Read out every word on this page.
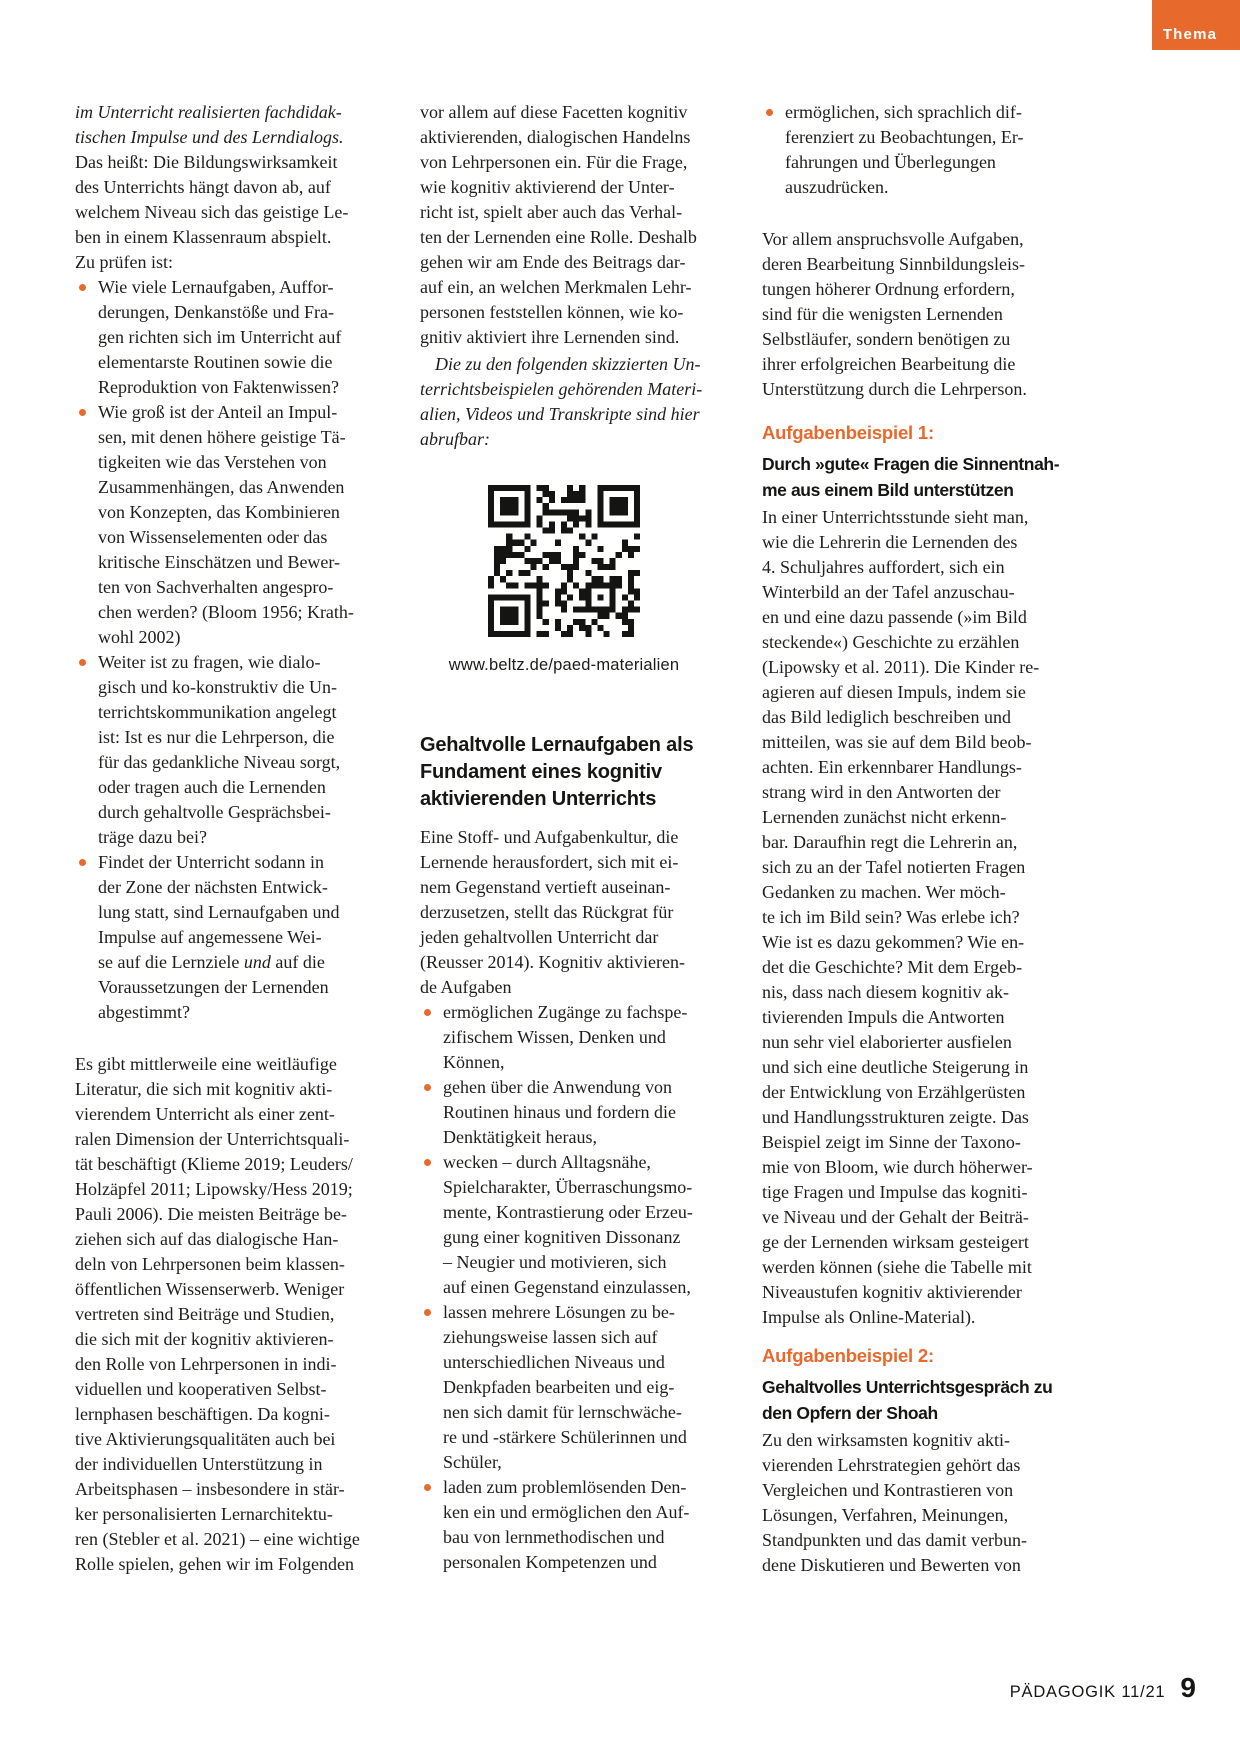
Thema
im Unterricht realisierten fachdidak-
tischen Impulse und des Lerndialogs.
Das heißt: Die Bildungswirksamkeit
des Unterrichts hängt davon ab, auf
welchem Niveau sich das geistige Le-
ben in einem Klassenraum abspielt.
Zu prüfen ist:
Wie viele Lernaufgaben, Auffor-
derungen, Denkanstöße und Fra-
gen richten sich im Unterricht auf
elementarste Routinen sowie die
Reproduktion von Faktenwissen?
Wie groß ist der Anteil an Impul-
sen, mit denen höhere geistige Tä-
tigkeiten wie das Verstehen von
Zusammenhängen, das Anwenden
von Konzepten, das Kombinieren
von Wissenselementen oder das
kritische Einschätzen und Bewer-
ten von Sachverhalten angespro-
chen werden? (Bloom 1956; Krath-
wohl 2002)
Weiter ist zu fragen, wie dialo-
gisch und ko-konstruktiv die Un-
terrichtskommunikation angelegt
ist: Ist es nur die Lehrperson, die
für das gedankliche Niveau sorgt,
oder tragen auch die Lernenden
durch gehaltvolle Gesprächsbei-
träge dazu bei?
Findet der Unterricht sodann in
der Zone der nächsten Entwick-
lung statt, sind Lernaufgaben und
Impulse auf angemessene Wei-
se auf die Lernziele und auf die
Voraussetzungen der Lernenden
abgestimmt?
Es gibt mittlerweile eine weitläufige
Literatur, die sich mit kognitiv akti-
vierendem Unterricht als einer zent-
ralen Dimension der Unterrichtsquali-
tät beschäftigt (Klieme 2019; Leuders/
Holzäpfel 2011; Lipowsky/Hess 2019;
Pauli 2006). Die meisten Beiträge be-
ziehen sich auf das dialogische Han-
deln von Lehrpersonen beim klassen-
öffentlichen Wissenserwerb. Weniger
vertreten sind Beiträge und Studien,
die sich mit der kognitiv aktivieren-
den Rolle von Lehrpersonen in indi-
viduellen und kooperativen Selbst-
lernphasen beschäftigen. Da kogni-
tive Aktivierungsqualitäten auch bei
der individuellen Unterstützung in
Arbeitsphasen – insbesondere in stär-
ker personalisierten Lernarchitektu-
ren (Stebler et al. 2021) – eine wichtige
Rolle spielen, gehen wir im Folgenden
vor allem auf diese Facetten kognitiv
aktivierenden, dialogischen Handelns
von Lehrpersonen ein. Für die Frage,
wie kognitiv aktivierend der Unter-
richt ist, spielt aber auch das Verhal-
ten der Lernenden eine Rolle. Deshalb
gehen wir am Ende des Beitrags dar-
auf ein, an welchen Merkmalen Lehr-
personen feststellen können, wie ko-
gnitiv aktiviert ihre Lernenden sind.
Die zu den folgenden skizzierten Un-
terrichtsbeispielen gehörenden Materi-
alien, Videos und Transkripte sind hier
abrufbar:
www.beltz.de/paed-materialien
Gehaltvolle Lernaufgaben als
Fundament eines kognitiv
aktivierenden Unterrichts
Eine Stoff- und Aufgabenkultur, die
Lernende herausfordert, sich mit ei-
nem Gegenstand vertieft auseinan-
derzusetzen, stellt das Rückgrat für
jeden gehaltvollen Unterricht dar
(Reusser 2014). Kognitiv aktivieren-
de Aufgaben
ermöglichen Zugänge zu fachspe-
zifischem Wissen, Denken und
Können,
gehen über die Anwendung von
Routinen hinaus und fordern die
Denktätigkeit heraus,
wecken – durch Alltagsnähe,
Spielcharakter, Überraschungsmo-
mente, Kontrastierung oder Erzeu-
gung einer kognitiven Dissonanz
– Neugier und motivieren, sich
auf einen Gegenstand einzulassen,
lassen mehrere Lösungen zu be-
ziehungsweise lassen sich auf
unterschiedlichen Niveaus und
Denkpfaden bearbeiten und eig-
nen sich damit für lernschwäche-
re und -stärkere Schülerinnen und
Schüler,
laden zum problemlösenden Den-
ken ein und ermöglichen den Auf-
bau von lernmethodischen und
personalen Kompetenzen und
ermöglichen, sich sprachlich dif-
ferenziert zu Beobachtungen, Er-
fahrungen und Überlegungen
auszudrücken.
Vor allem anspruchsvolle Aufgaben,
deren Bearbeitung Sinnbildungsleis-
tungen höherer Ordnung erfordern,
sind für die wenigsten Lernenden
Selbstläufer, sondern benötigen zu
ihrer erfolgreichen Bearbeitung die
Unterstützung durch die Lehrperson.
Aufgabenbeispiel 1:
Durch »gute« Fragen die Sinnentnah-
me aus einem Bild unterstützen
In einer Unterrichtsstunde sieht man,
wie die Lehrerin die Lernenden des
4. Schuljahres auffordert, sich ein
Winterbild an der Tafel anzuschau-
en und eine dazu passende (»im Bild
steckende«) Geschichte zu erzählen
(Lipowsky et al. 2011). Die Kinder re-
agieren auf diesen Impuls, indem sie
das Bild lediglich beschreiben und
mitteilen, was sie auf dem Bild beob-
achten. Ein erkennbarer Handlungs-
strang wird in den Antworten der
Lernenden zunächst nicht erkenn-
bar. Daraufhin regt die Lehrerin an,
sich zu an der Tafel notierten Fragen
Gedanken zu machen. Wer möch-
te ich im Bild sein? Was erlebe ich?
Wie ist es dazu gekommen? Wie en-
det die Geschichte? Mit dem Ergeb-
nis, dass nach diesem kognitiv ak-
tivierenden Impuls die Antworten
nun sehr viel elaborierter ausfielen
und sich eine deutliche Steigerung in
der Entwicklung von Erzählgerüsten
und Handlungsstrukturen zeigte. Das
Beispiel zeigt im Sinne der Taxono-
mie von Bloom, wie durch höherwer-
tige Fragen und Impulse das kogniti-
ve Niveau und der Gehalt der Beiträ-
ge der Lernenden wirksam gesteigert
werden können (siehe die Tabelle mit
Niveaustufen kognitiv aktivierender
Impulse als Online-Material).
Aufgabenbeispiel 2:
Gehaltvolles Unterrichtsgespräch zu
den Opfern der Shoah
Zu den wirksamsten kognitiv akti-
vierenden Lehrstrategien gehört das
Vergleichen und Kontrastieren von
Lösungen, Verfahren, Meinungen,
Standpunkten und das damit verbun-
dene Diskutieren und Bewerten von
PÄDAGOGIK 11/21 9
